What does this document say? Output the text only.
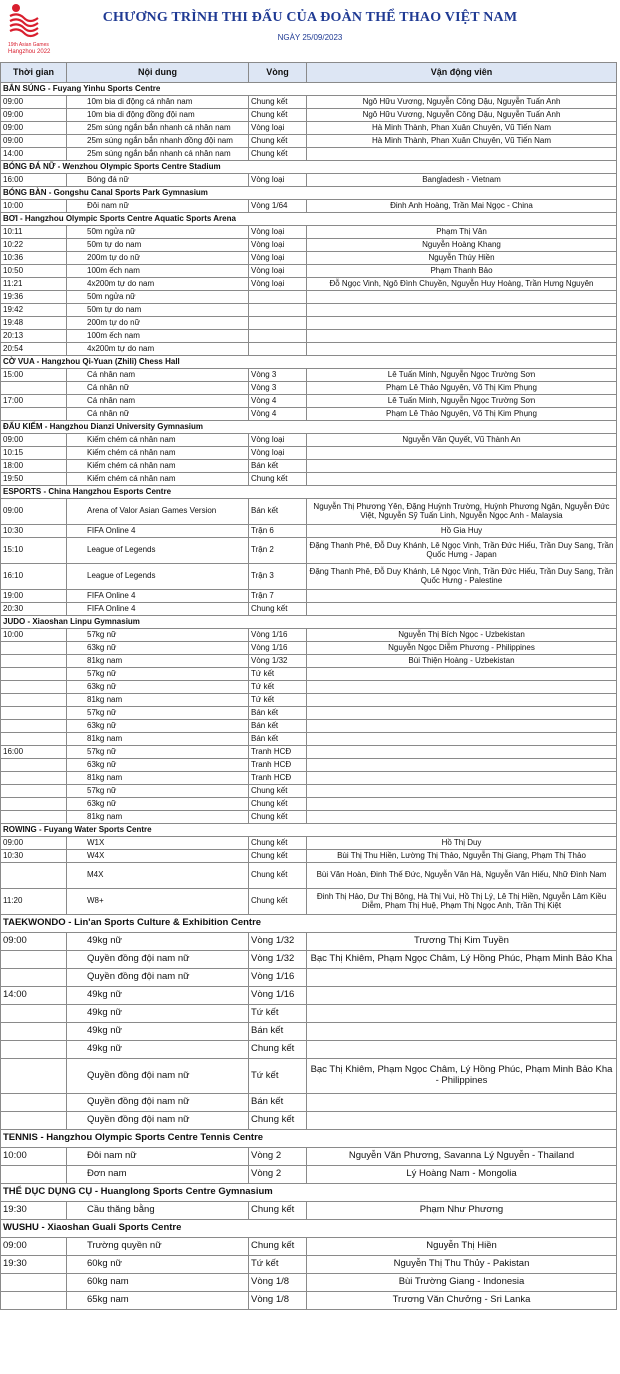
19th Asian Games
Hangzhou 2022
CHƯƠNG TRÌNH THI ĐẤU CỦA ĐOÀN THỂ THAO VIỆT NAM
NGÀY 25/09/2023
Thời gian	Nội dung	Vòng	Vận động viên
BẮN SÚNG - Fuyang Yinhu Sports Centre			
09:00	10m bia di động cá nhân nam	Chung kết	Ngô Hữu Vương, Nguyễn Công Dậu, Nguyễn Tuấn Anh
09:00	10m bia di động đồng đội nam	Chung kết	Ngô Hữu Vương, Nguyễn Công Dậu, Nguyễn Tuấn Anh
09:00	25m súng ngắn bắn nhanh cá nhân nam	Vòng loại	Hà Minh Thành, Phan Xuân Chuyên, Vũ Tiến Nam
09:00	25m súng ngắn bắn nhanh đồng đội nam	Chung kết	Hà Minh Thành, Phan Xuân Chuyên, Vũ Tiến Nam
14:00	25m súng ngắn bắn nhanh cá nhân nam	Chung kết	
BÓNG ĐÁ NỮ - Wenzhou Olympic Sports Centre Stadium			
16:00	Bóng đá nữ	Vòng loại	Bangladesh - Vietnam
BÓNG BÀN - Gongshu Canal Sports Park Gymnasium			
10:00	Đôi nam nữ	Vòng 1/64	Đinh Anh Hoàng, Trần Mai Ngọc - China
BƠI - Hangzhou Olympic Sports Centre Aquatic Sports Arena			
10:11	50m ngửa nữ	Vòng loại	Phạm Thị Vân
10:22	50m tự do nam	Vòng loại	Nguyễn Hoàng Khang
10:36	200m tự do nữ	Vòng loại	Nguyễn Thúy Hiền
10:50	100m ếch nam	Vòng loại	Phạm Thanh Bảo
11:21	4x200m tự do nam	Vòng loại	Đỗ Ngọc Vinh, Ngô Đình Chuyền, Nguyễn Huy Hoàng, Trần Hưng Nguyên
19:36	50m ngửa nữ		
19:42	50m tự do nam		
19:48	200m tự do nữ		
20:13	100m ếch nam		
20:54	4x200m tự do nam		
CỜ VUA - Hangzhou Qi-Yuan (Zhili) Chess Hall			
15:00	Cá nhân nam	Vòng 3	Lê Tuấn Minh, Nguyễn Ngọc Trường Sơn
	Cá nhân nữ	Vòng 3	Phạm Lê Thảo Nguyên, Võ Thị Kim Phụng
17:00	Cá nhân nam	Vòng 4	Lê Tuấn Minh, Nguyễn Ngọc Trường Sơn
	Cá nhân nữ	Vòng 4	Phạm Lê Thảo Nguyên, Võ Thị Kim Phụng
ĐẤU KIẾM - Hangzhou Dianzi University Gymnasium			
09:00	Kiếm chém cá nhân nam	Vòng loại	Nguyễn Văn Quyết, Vũ Thành An
10:15	Kiếm chém cá nhân nam	Vòng loại	
18:00	Kiếm chém cá nhân nam	Bán kết	
19:50	Kiếm chém cá nhân nam	Chung kết	
ESPORTS - China Hangzhou Esports Centre			
09:00	Arena of Valor Asian Games Version	Bán kết	Nguyễn Thị Phương Yên, Đặng Huỳnh Trường, Huỳnh Phương Ngân, Nguyễn Đức Việt, Nguyễn Sỹ Tuấn Linh, Nguyễn Ngọc Anh - Malaysia
10:30	FIFA Online 4	Trận 6	Hồ Gia Huy
15:10	League of Legends	Trận 2	Đặng Thanh Phê, Đỗ Duy Khánh, Lê Ngọc Vinh, Trần Đức Hiếu, Trần Duy Sang, Trần Quốc Hưng - Japan
16:10	League of Legends	Trận 3	Đặng Thanh Phê, Đỗ Duy Khánh, Lê Ngọc Vinh, Trần Đức Hiếu, Trần Duy Sang, Trần Quốc Hưng - Palestine
19:00	FIFA Online 4	Trận 7	
20:30	FIFA Online 4	Chung kết	
JUDO - Xiaoshan Linpu Gymnasium			
10:00	57kg nữ	Vòng 1/16	Nguyễn Thị Bích Ngọc - Uzbekistan
	63kg nữ	Vòng 1/16	Nguyễn Ngọc Diễm Phương - Philippines
	81kg nam	Vòng 1/32	Bùi Thiện Hoàng - Uzbekistan
	57kg nữ	Tứ kết	
	63kg nữ	Tứ kết	
	81kg nam	Tứ kết	
	57kg nữ	Bán kết	
	63kg nữ	Bán kết	
	81kg nam	Bán kết	
16:00	57kg nữ	Tranh HCĐ	
	63kg nữ	Tranh HCĐ	
	81kg nam	Tranh HCĐ	
	57kg nữ	Chung kết	
	63kg nữ	Chung kết	
	81kg nam	Chung kết	
ROWING - Fuyang Water Sports Centre			
09:00	W1X	Chung kết	Hồ Thị Duy
10:30	W4X	Chung kết	Bùi Thị Thu Hiền, Lường Thị Thảo, Nguyễn Thị Giang, Phạm Thị Thảo
	M4X	Chung kết	Bùi Văn Hoàn, Đinh Thế Đức, Nguyễn Văn Hà, Nguyễn Văn Hiếu, Nhữ Đình Nam
11:20	W8+	Chung kết	Đinh Thị Hảo, Dư Thị Bông, Hà Thị Vui, Hồ Thị Lý, Lê Thị Hiền, Nguyễn Lâm Kiều Diễm, Phạm Thị Huệ, Phạm Thị Ngọc Anh, Trần Thị Kiệt
TAEKWONDO - Lin'an Sports Culture & Exhibition Centre			
09:00	49kg nữ	Vòng 1/32	Trương Thị Kim Tuyền
	Quyền đồng đội nam nữ	Vòng 1/32	Bạc Thị Khiêm, Phạm Ngọc Châm, Lý Hồng Phúc, Phạm Minh Bảo Kha
	Quyền đồng đội nam nữ	Vòng 1/16	
14:00	49kg nữ	Vòng 1/16	
	49kg nữ	Tứ kết	
	49kg nữ	Bán kết	
	49kg nữ	Chung kết	
	Quyền đồng đội nam nữ	Tứ kết	Bạc Thị Khiêm, Phạm Ngọc Châm, Lý Hồng Phúc, Phạm Minh Bảo Kha - Philippines
	Quyền đồng đội nam nữ	Bán kết	
	Quyền đồng đội nam nữ	Chung kết	
TENNIS - Hangzhou Olympic Sports Centre Tennis Centre			
10:00	Đôi nam nữ	Vòng 2	Nguyễn Văn Phương, Savanna Lý Nguyễn - Thailand
	Đơn nam	Vòng 2	Lý Hoàng Nam - Mongolia
THỂ DỤC DỤNG CỤ - Huanglong Sports Centre Gymnasium			
19:30	Cầu thăng bằng	Chung kết	Phạm Như Phương
WUSHU - Xiaoshan Guali Sports Centre			
09:00	Trường quyền nữ	Chung kết	Nguyễn Thị Hiền
19:30	60kg nữ	Tứ kết	Nguyễn Thị Thu Thủy - Pakistan
	60kg nam	Vòng 1/8	Bùi Trường Giang - Indonesia
	65kg nam	Vòng 1/8	Trương Văn Chưởng - Sri Lanka
